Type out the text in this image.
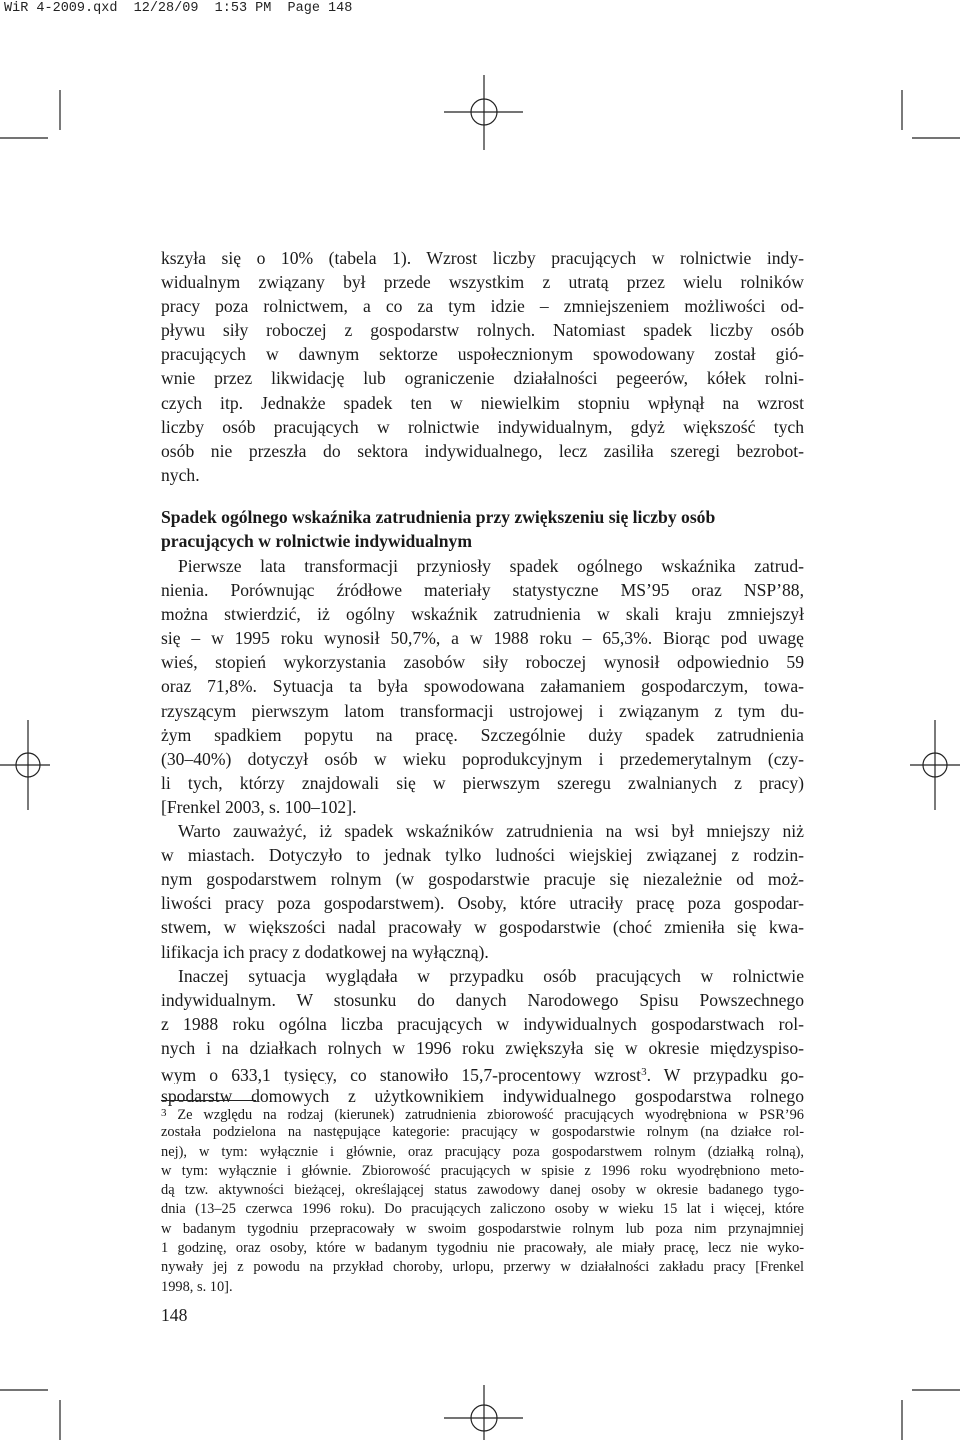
WiR 4-2009.qxd  12/28/09  1:53 PM  Page 148
kszyła się o 10% (tabela 1). Wzrost liczby pracujących w rolnictwie indy-
widualnym związany był przede wszystkim z utratą przez wielu rolników
pracy poza rolnictwem, a co za tym idzie – zmniejszeniem możliwości od-
pływu siły roboczej z gospodarstw rolnych. Natomiast spadek liczby osób
pracujących w dawnym sektorze uspołecznionym spowodowany został gió-
wnie przez likwidację lub ograniczenie działalności pegeerów, kółek rolni-
czych itp. Jednakże spadek ten w niewielkim stopniu wpłynął na wzrost
liczby osób pracujących w rolnictwie indywidualnym, gdyż większość tych
osób nie przeszła do sektora indywidualnego, lecz zasiliła szeregi bezrobot-
nych.
Spadek ogólnego wskaźnika zatrudnienia przy zwiększeniu się liczby osób
pracujących w rolnictwie indywidualnym
Pierwsze lata transformacji przyniosły spadek ogólnego wskaźnika zatrud-
nienia. Porównując źródłowe materiały statystyczne MS’95 oraz NSP’88,
można stwierdzić, iż ogólny wskaźnik zatrudnienia w skali kraju zmniejszył
się – w 1995 roku wynosił 50,7%, a w 1988 roku – 65,3%. Biorąc pod uwagę
wieś, stopień wykorzystania zasobów siły roboczej wynosił odpowiednio 59
oraz 71,8%. Sytuacja ta była spowodowana załamaniem gospodarczym, towa-
rzyszącym pierwszym latom transformacji ustrojowej i związanym z tym du-
żym spadkiem popytu na pracę. Szczególnie duży spadek zatrudnienia
(30–40%) dotyczył osób w wieku poprodukcyjnym i przedemerytalnym (czy-
li tych, którzy znajdowali się w pierwszym szeregu zwalnianych z pracy)
[Frenkel 2003, s. 100–102].
Warto zauważyć, iż spadek wskaźników zatrudnienia na wsi był mniejszy niż
w miastach. Dotyczyło to jednak tylko ludności wiejskiej związanej z rodzin-
nym gospodarstwem rolnym (w gospodarstwie pracuje się niezależnie od moż-
liwości pracy poza gospodarstwem). Osoby, które utraciły pracę poza gospodar-
stwem, w większości nadal pracowały w gospodarstwie (choć zmieniła się kwa-
lifikacja ich pracy z dodatkowej na wyłączną).
Inaczej sytuacja wyglądała w przypadku osób pracujących w rolnictwie
indywidualnym. W stosunku do danych Narodowego Spisu Powszechnego
z 1988 roku ogólna liczba pracujących w indywidualnych gospodarstwach rol-
nych i na działkach rolnych w 1996 roku zwiększyła się w okresie międzyspiso-
wym o 633,1 tysięcy, co stanowiło 15,7-procentowy wzrost$^3$. W przypadku go-
spodarstw domowych z użytkownikiem indywidualnego gospodarstwa rolnego
$^3$ Ze względu na rodzaj (kierunek) zatrudnienia zbiorowość pracujących wyodrębniona w PSR’96
została podzielona na następujące kategorie: pracujący w gospodarstwie rolnym (na działce rol-
nej), w tym: wyłącznie i głównie, oraz pracujący poza gospodarstwem rolnym (działką rolną),
w tym: wyłącznie i głównie. Zbiorowość pracujących w spisie z 1996 roku wyodrębniono meto-
dą tzw. aktywności bieżącej, określającej status zawodowy danej osoby w okresie badanego tygo-
dnia (13–25 czerwca 1996 roku). Do pracujących zaliczono osoby w wieku 15 lat i więcej, które
w badanym tygodniu przepracowały w swoim gospodarstwie rolnym lub poza nim przynajmniej
1 godzinę, oraz osoby, które w badanym tygodniu nie pracowały, ale miały pracę, lecz nie wyko-
nywały jej z powodu na przykład choroby, urlopu, przerwy w działalności zakładu pracy [Frenkel
1998, s. 10].
148
